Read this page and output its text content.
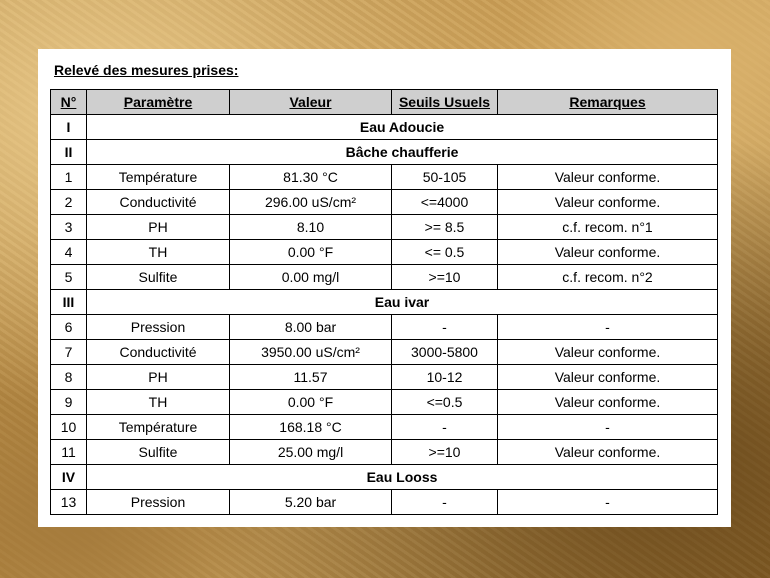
Relevé des mesures prises:
N°	Paramètre	Valeur	Seuils Usuels	Remarques
I	Eau Adoucie			
II	Bâche chaufferie			
1	Température	81.30 °C	50-105	Valeur conforme.
2	Conductivité	296.00 uS/cm²	<=4000	Valeur conforme.
3	PH	8.10	>= 8.5	c.f. recom. n°1
4	TH	0.00 °F	<= 0.5	Valeur conforme.
5	Sulfite	0.00 mg/l	>=10	c.f. recom. n°2
III	Eau ivar			
6	Pression	8.00 bar	-	-
7	Conductivité	3950.00 uS/cm²	3000-5800	Valeur conforme.
8	PH	11.57	10-12	Valeur conforme.
9	TH	0.00 °F	<=0.5	Valeur conforme.
10	Température	168.18 °C	-	-
11	Sulfite	25.00 mg/l	>=10	Valeur conforme.
IV	Eau Looss			
13	Pression	5.20 bar	-	-
